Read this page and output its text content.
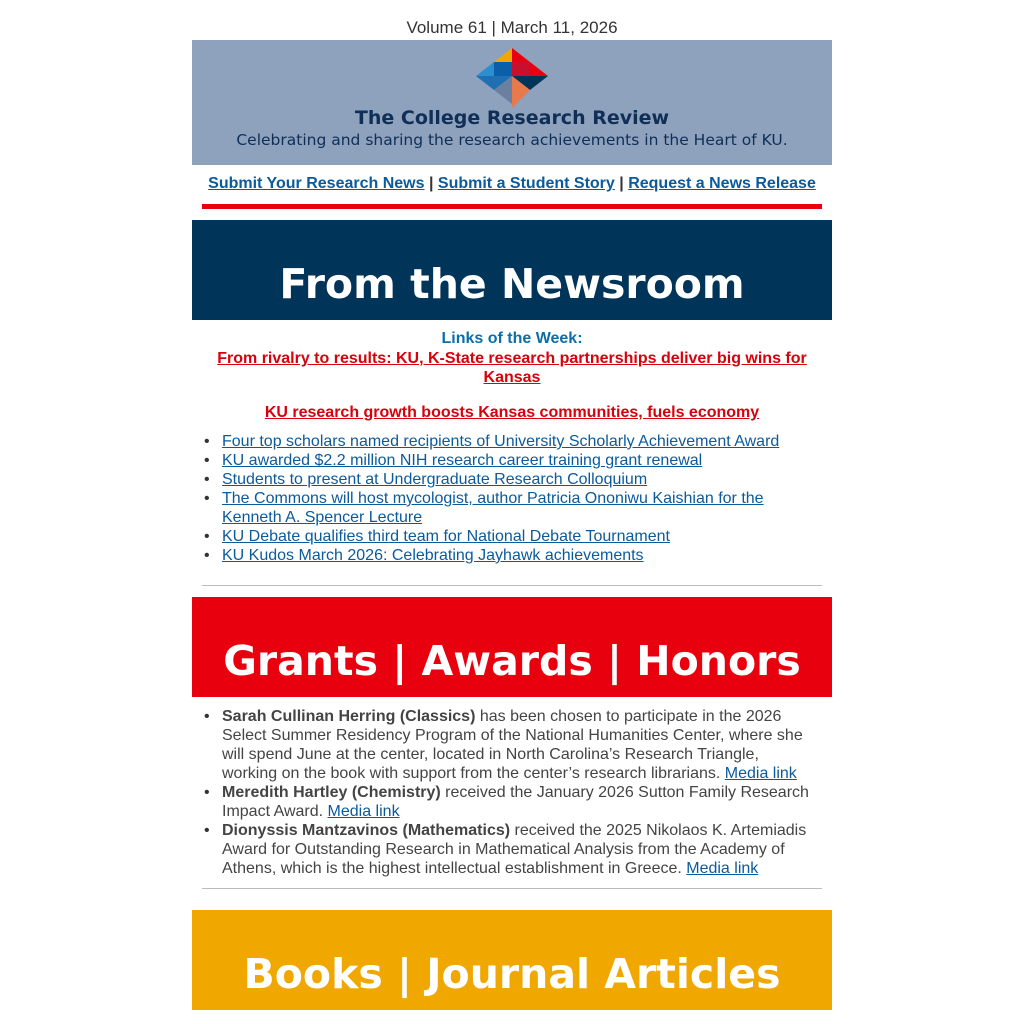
Volume 61 | March 11, 2026
The College Research Review
Celebrating and sharing the research achievements in the Heart of KU.
Submit Your Research News | Submit a Student Story | Request a News Release
From the Newsroom
Links of the Week:
From rivalry to results: KU, K-State research partnerships deliver big wins for Kansas
KU research growth boosts Kansas communities, fuels economy
• Four top scholars named recipients of University Scholarly Achievement Award
• KU awarded $2.2 million NIH research career training grant renewal
• Students to present at Undergraduate Research Colloquium
• The Commons will host mycologist, author Patricia Ononiwu Kaishian for the Kenneth A. Spencer Lecture
• KU Debate qualifies third team for National Debate Tournament
• KU Kudos March 2026: Celebrating Jayhawk achievements
Grants | Awards | Honors
• Sarah Cullinan Herring (Classics) has been chosen to participate in the 2026 Select Summer Residency Program of the National Humanities Center, where she will spend June at the center, located in North Carolina’s Research Triangle, working on the book with support from the center’s research librarians. Media link
• Meredith Hartley (Chemistry) received the January 2026 Sutton Family Research Impact Award. Media link
• Dionyssis Mantzavinos (Mathematics) received the 2025 Nikolaos K. Artemiadis Award for Outstanding Research in Mathematical Analysis from the Academy of Athens, which is the highest intellectual establishment in Greece. Media link
Books | Journal Articles
